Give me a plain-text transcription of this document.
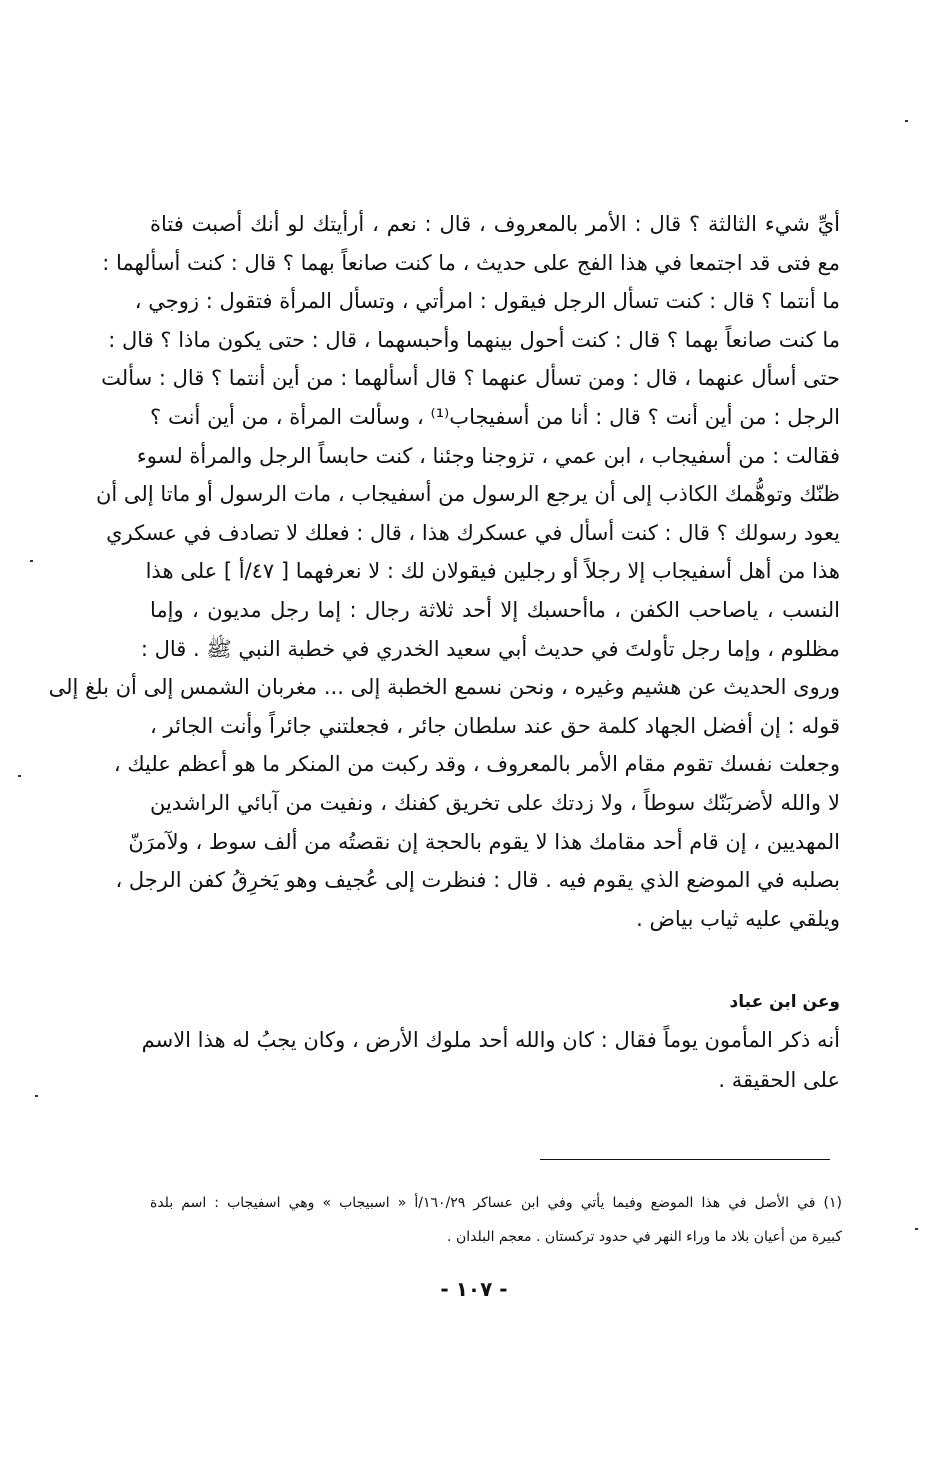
أيِّ شيء الثالثة ؟ قال : الأمر بالمعروف ، قال : نعم ، أرأيتك لو أنك أصبت فتاة
مع فتى قد اجتمعا في هذا الفج على حديث ، ما كنت صانعاً بهما ؟ قال : كنت أسألهما :
ما أنتما ؟ قال : كنت تسأل الرجل فيقول : امرأتي ، وتسأل المرأة فتقول : زوجي ،
ما كنت صانعاً بهما ؟ قال : كنت أحول بينهما وأحبسهما ، قال : حتى يكون ماذا ؟ قال :
حتى أسأل عنهما ، قال : ومن تسأل عنهما ؟ قال أسألهما : من أين أنتما ؟ قال : سألت
الرجل : من أين أنت ؟ قال : أنا من أسفيجاب⁽¹⁾ ، وسألت المرأة ، من أين أنت ؟
فقالت : من أسفيجاب ، ابن عمي ، تزوجنا وجئنا ، كنت حابساً الرجل والمرأة لسوء
ظنّك وتوهُّمك الكاذب إلى أن يرجع الرسول من أسفيجاب ، مات الرسول أو ماتا إلى أن
يعود رسولك ؟ قال : كنت أسأل في عسكرك هذا ، قال : فعلك لا تصادف في عسكري
هذا من أهل أسفيجاب إلا رجلاً أو رجلين فيقولان لك : لا نعرفهما [ ٤٧/أ ] على هذا
النسب ، ياصاحب الكفن ، ماأحسبك إلا أحد ثلاثة رجال : إما رجل مديون ، وإما
مظلوم ، وإما رجل تأولتَ في حديث أبي سعيد الخدري في خطبة النبي ﷺ . قال :
وروى الحديث عن هشيم وغيره ، ونحن نسمع الخطبة إلى ... مغربان الشمس إلى أن بلغ إلى
قوله : إن أفضل الجهاد كلمة حق عند سلطان جائر ، فجعلتني جائراً وأنت الجائر ،
وجعلت نفسك تقوم مقام الأمر بالمعروف ، وقد ركبت من المنكر ما هو أعظم عليك ،
لا والله لأضربَنّك سوطاً ، ولا زدتك على تخريق كفنك ، ونفيت من آبائي الراشدين
المهديين ، إن قام أحد مقامك هذا لا يقوم بالحجة إن نقصتُه من ألف سوط ، ولآمرَنّ
بصلبه في الموضع الذي يقوم فيه . قال : فنظرت إلى عُجيف وهو يَخرِقُ كفن الرجل ،
ويلقي عليه ثياب بياض .
وعن ابن عباد
أنه ذكر المأمون يوماً فقال : كان والله أحد ملوك الأرض ، وكان يجبُ له هذا الاسم
على الحقيقة .
(١) في الأصل في هذا الموضع وفيما يأتي وفي ابن عساكر ١٦٠/٢٩/أ « اسبيجاب » وهي اسفيجاب : اسم بلدة
كبيرة من أعيان بلاد ما وراء النهر في حدود تركستان . معجم البلدان .
- ١٠٧ -
